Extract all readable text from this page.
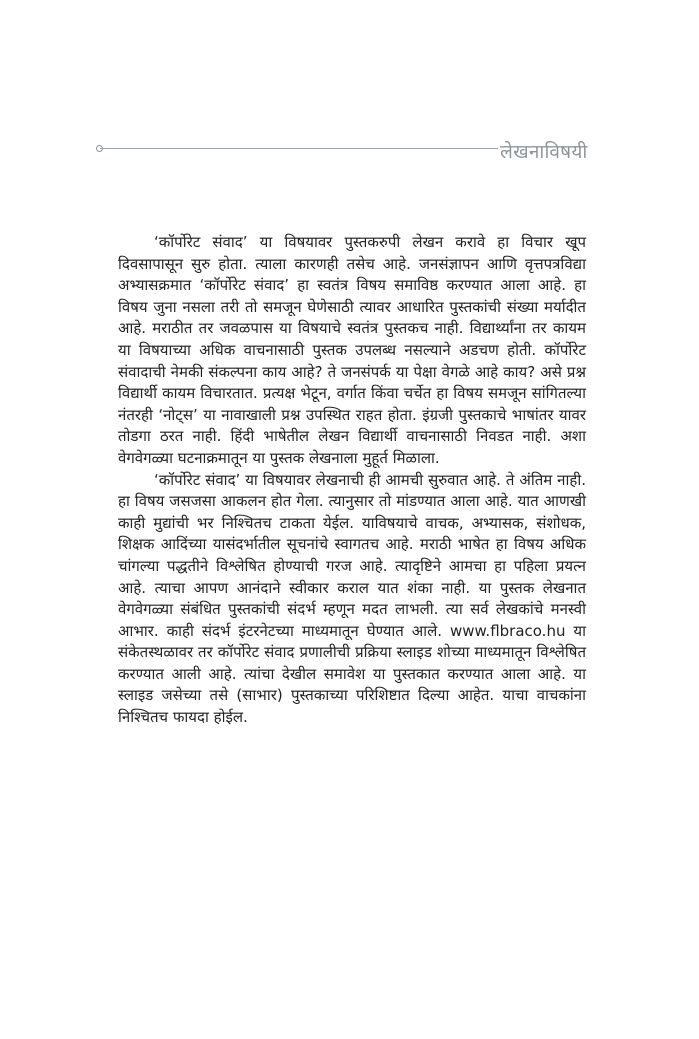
लेखनाविषयी

‘कॉर्पोरेट संवाद’ या विषयावर पुस्तकरुपी लेखन करावे हा विचार खूप दिवसापासून सुरु होता. त्याला कारणही तसेच आहे. जनसंज्ञापन आणि वृत्तपत्रविद्या अभ्यासक्रमात ‘कॉर्पोरेट संवाद’ हा स्वतंत्र विषय समाविष्ठ करण्यात आला आहे. हा विषय जुना नसला तरी तो समजून घेणेसाठी त्यावर आधारित पुस्तकांची संख्या मर्यादीत आहे. मराठीत तर जवळपास या विषयाचे स्वतंत्र पुस्तकच नाही. विद्यार्थ्यांना तर कायम या विषयाच्या अधिक वाचनासाठी पुस्तक उपलब्ध नसल्याने अडचण होती. कॉर्पोरेट संवादाची नेमकी संकल्पना काय आहे? ते जनसंपर्क या पेक्षा वेगळे आहे काय? असे प्रश्न विद्यार्थी कायम विचारतात. प्रत्यक्ष भेटून, वर्गात किंवा चर्चेत हा विषय समजून सांगितल्या नंतरही ‘नोट्स’ या नावाखाली प्रश्न उपस्थित राहत होता. इंग्रजी पुस्तकाचे भाषांतर यावर तोडगा ठरत नाही. हिंदी भाषेतील लेखन विद्यार्थी वाचनासाठी निवडत नाही. अशा वेगवेगळ्या घटनाक्रमातून या पुस्तक लेखनाला मुहूर्त मिळाला.

‘कॉर्पोरेट संवाद’ या विषयावर लेखनाची ही आमची सुरुवात आहे. ते अंतिम नाही. हा विषय जसजसा आकलन होत गेला. त्यानुसार तो मांडण्यात आला आहे. यात आणखी काही मुद्यांची भर निश्चितच टाकता येईल. याविषयाचे वाचक, अभ्यासक, संशोधक, शिक्षक आदिंच्या यासंदर्भातील सूचनांचे स्वागतच आहे. मराठी भाषेत हा विषय अधिक चांगल्या पद्धतीने विश्लेषित होण्याची गरज आहे. त्यादृष्टिने आमचा हा पहिला प्रयत्न आहे. त्याचा आपण आनंदाने स्वीकार कराल यात शंका नाही. या पुस्तक लेखनात वेगवेगळ्या संबंधित पुस्तकांची संदर्भ म्हणून मदत लाभली. त्या सर्व लेखकांचे मनस्वी आभार. काही संदर्भ इंटरनेटच्या माध्यमातून घेण्यात आले. www.flbraco.hu या संकेतस्थळावर तर कॉर्पोरेट संवाद प्रणालीची प्रक्रिया स्लाइड शोच्या माध्यमातून विश्लेषित करण्यात आली आहे. त्यांचा देखील समावेश या पुस्तकात करण्यात आला आहे. या स्लाइड जसेच्या तसे (साभार) पुस्तकाच्या परिशिष्टात दिल्या आहेत. याचा वाचकांना निश्चितच फायदा होईल.
